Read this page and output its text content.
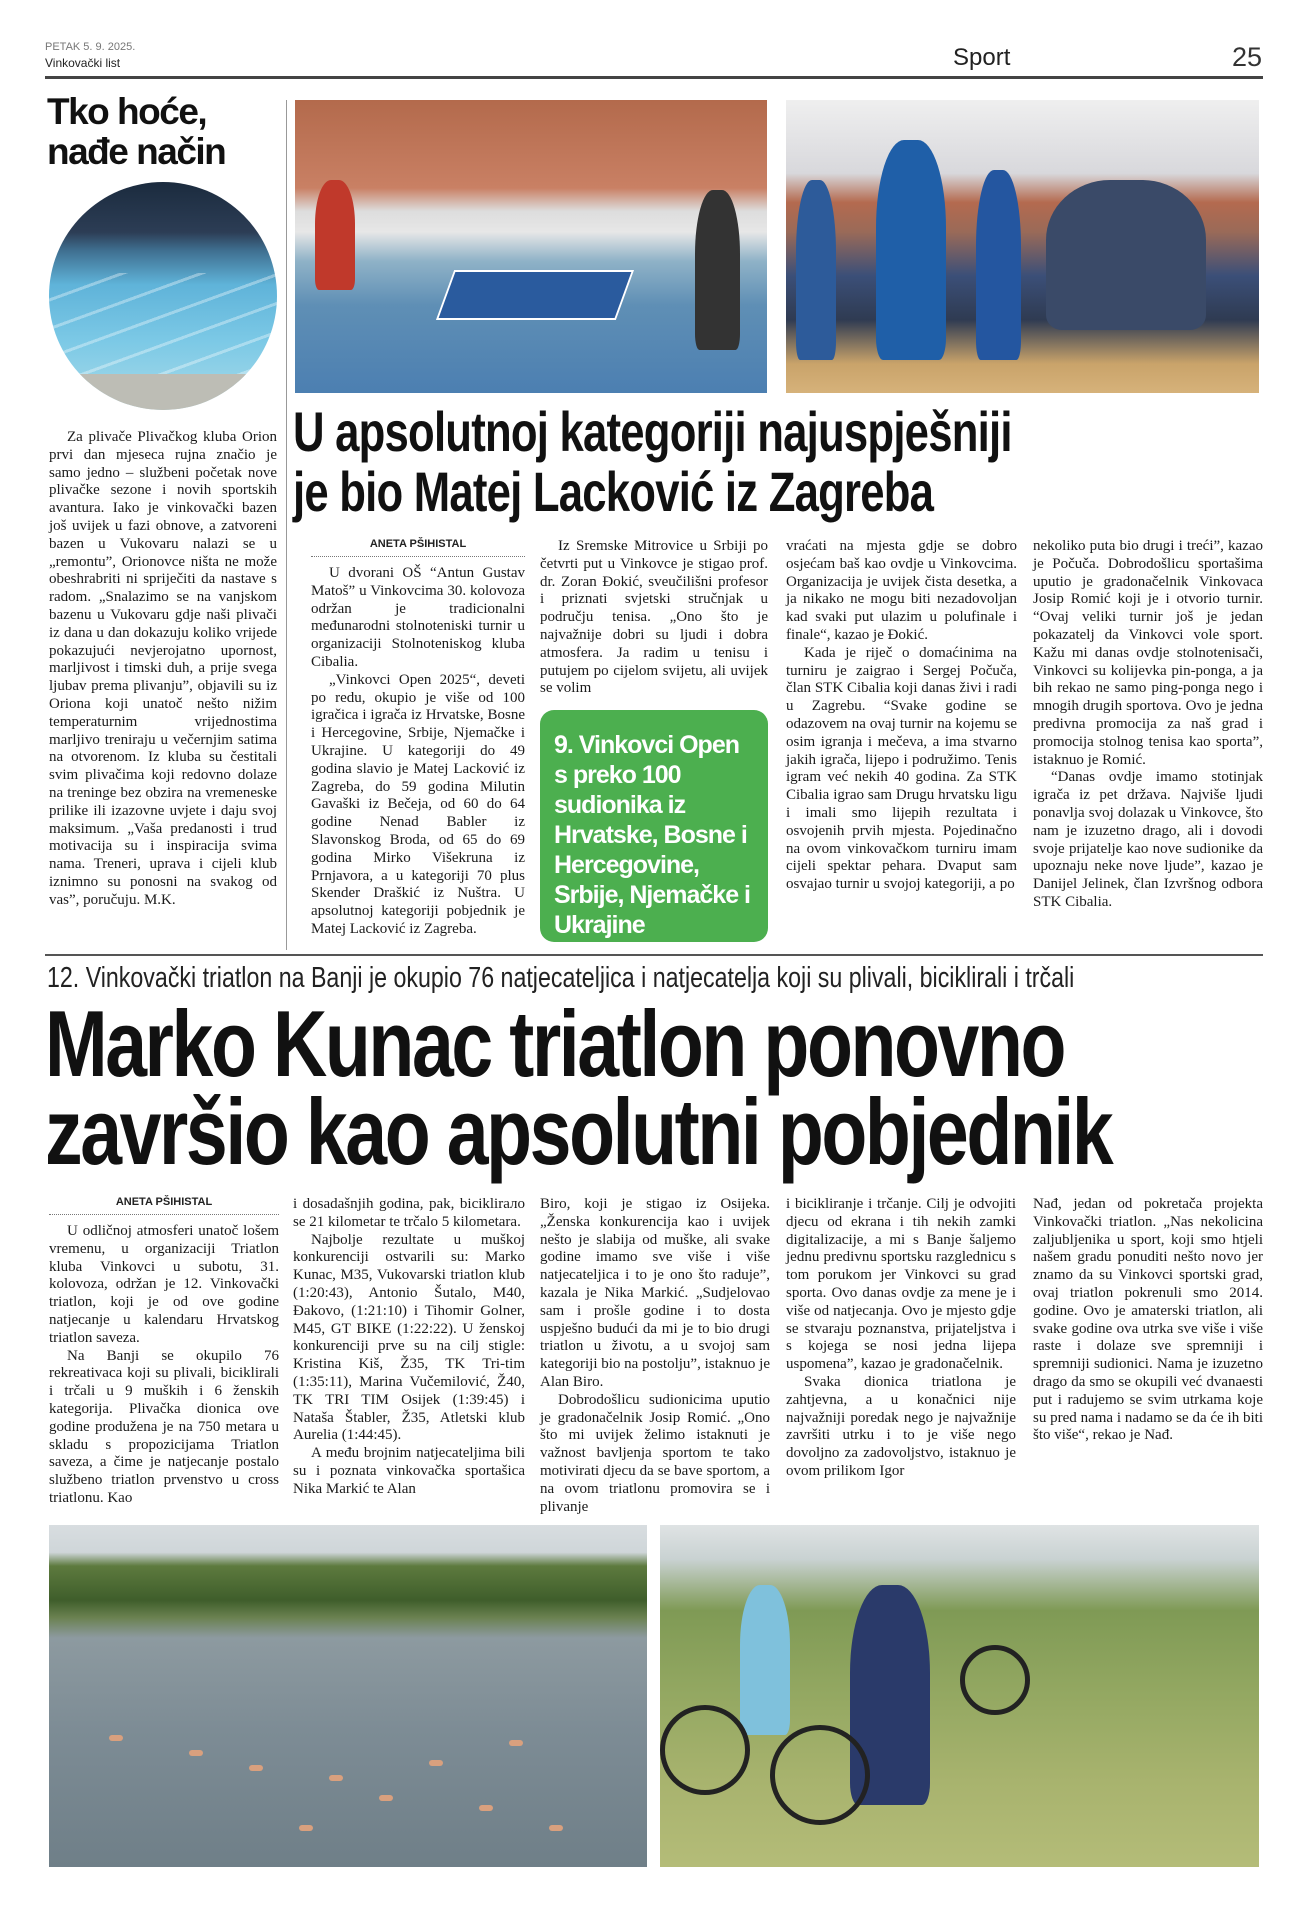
PETAK 5. 9. 2025.
Vinkovački list	Sport	25
Tko hoće, nađe način

Za plivače Plivačkog kluba Orion prvi dan mjeseca rujna značio je samo jedno – službeni početak nove plivačke sezone i novih sportskih avantura. Iako je vinkovački bazen još uvijek u fazi obnove, a zatvoreni bazen u Vukovaru nalazi se u „remontu”, Orionovce ništa ne može obeshrabriti ni spriječiti da nastave s radom. „Snalazimo se na vanjskom bazenu u Vukovaru gdje naši plivači iz dana u dan dokazuju koliko vrijede pokazujući nevjerojatno upornost, marljivost i timski duh, a prije svega ljubav prema plivanju”, objavili su iz Oriona koji unatoč nešto nižim temperaturnim vrijednostima marljivo treniraju u večernjim satima na otvorenom. Iz kluba su čestitali svim plivačima koji redovno dolaze na treninge bez obzira na vremeneske prilike ili izazovne uvjete i daju svoj maksimum. „Vaša predanosti i trud motivacija su i inspiracija svima nama. Treneri, uprava i cijeli klub iznimno su ponosni na svakog od vas”, poručuju. M.K.

U apsolutnoj kategoriji najuspješniji
je bio Matej Lacković iz Zagreba
ANETA PŠIHISTAL

U dvorani OŠ “Antun Gustav Matoš” u Vinkovcima 30. kolovoza održan je tradicionalni međunarodni stolnoteniski turnir u organizaciji Stolnoteniskog kluba Cibalia.

„Vinkovci Open 2025“, deveti po redu, okupio je više od 100 igračica i igrača iz Hrvatske, Bosne i Hercegovine, Srbije, Njemačke i Ukrajine. U kategoriji do 49 godina slavio je Matej Lacković iz Zagreba, do 59 godina Milutin Gavaški iz Bečeja, od 60 do 64 godine Nenad Babler iz Slavonskog Broda, od 65 do 69 godina Mirko Višekruna iz Prnjavora, a u kategoriji 70 plus Skender Draškić iz Nuštra. U apsolutnoj kategoriji pobjednik je Matej Lacković iz Zagreba.

Iz Sremske Mitrovice u Srbiji po četvrti put u Vinkovce je stigao prof. dr. Zoran Đokić, sveučilišni profesor i priznati svjetski stručnjak u području tenisa. „Ono što je najvažnije dobri su ljudi i dobra atmosfera. Ja radim u tenisu i putujem po cijelom svijetu, ali uvijek se volim

9. Vinkovci Open s preko 100 sudionika iz Hrvatske, Bosne i Hercegovine, Srbije, Njemačke i Ukrajine

vraćati na mjesta gdje se dobro osjećam baš kao ovdje u Vinkovcima. Organizacija je uvijek čista desetka, a ja nikako ne mogu biti nezadovoljan kad svaki put ulazim u polufinale i finale“, kazao je Đokić.

Kada je riječ o domaćinima na turniru je zaigrao i Sergej Počuča, član STK Cibalia koji danas živi i radi u Zagrebu. “Svake godine se odazovem na ovaj turnir na kojemu se osim igranja i mečeva, a ima stvarno jakih igrača, lijepo i podružimo. Tenis igram već nekih 40 godina. Za STK Cibalia igrao sam Drugu hrvatsku ligu i imali smo lijepih rezultata i osvojenih prvih mjesta. Pojedinačno na ovom vinkovačkom turniru imam cijeli spektar pehara. Dvaput sam osvajao turnir u svojoj kategoriji, a po

nekoliko puta bio drugi i treći”, kazao je Počuča. Dobrodošlicu sportašima uputio je gradonačelnik Vinkovaca Josip Romić koji je i otvorio turnir. “Ovaj veliki turnir još je jedan pokazatelj da Vinkovci vole sport. Kažu mi danas ovdje stolnotenisači, Vinkovci su kolijevka pin-ponga, a ja bih rekao ne samo ping-ponga nego i mnogih drugih sportova. Ovo je jedna predivna promocija za naš grad i promocija stolnog tenisa kao sporta”, istaknuo je Romić.

“Danas ovdje imamo stotinjak igrača iz pet država. Najviše ljudi ponavlja svoj dolazak u Vinkovce, što nam je izuzetno drago, ali i dovodi svoje prijatelje kao nove sudionike da upoznaju neke nove ljude”, kazao je Danijel Jelinek, član Izvršnog odbora STK Cibalia.

12. Vinkovački triatlon na Banji je okupio 76 natjecateljica i natjecatelja koji su plivali, biciklirali i trčali
Marko Kunac triatlon ponovno
završio kao apsolutni pobjednik
ANETA PŠIHISTAL

U odličnoj atmosferi unatoč lošem vremenu, u organizaciji Triatlon kluba Vinkovci u subotu, 31. kolovoza, održan je 12. Vinkovački triatlon, koji je od ove godine natjecanje u kalendaru Hrvatskog triatlon saveza.

Na Banji se okupilo 76 rekreativaca koji su plivali, biciklirali i trčali u 9 muških i 6 ženskih kategorija. Plivačka dionica ove godine produžena je na 750 metara u skladu s propozicijama Triatlon saveza, a čime je natjecanje postalo službeno triatlon prvenstvo u cross triatlonu. Kao

i dosadašnjih godina, pak, biciklirало se 21 kilometar te trčalo 5 kilometara.

Najbolje rezultate u muškoj konkurenciji ostvarili su: Marko Kunac, M35, Vukovarski triatlon klub (1:20:43), Antonio Šutalo, M40, Đakovo, (1:21:10) i Tihomir Golner, M45, GT BIKE (1:22:22). U ženskoj konkurenciji prve su na cilj stigle: Kristina Kiš, Ž35, TK Tri-tim (1:35:11), Marina Vučemilović, Ž40, TK TRI TIM Osijek (1:39:45) i Nataša Štabler, Ž35, Atletski klub Aurelia (1:44:45).

A među brojnim natjecateljima bili su i poznata vinkovačka sportašica Nika Markić te Alan

Biro, koji je stigao iz Osijeka. „Ženska konkurencija kao i uvijek nešto je slabija od muške, ali svake godine imamo sve više i više natjecateljica i to je ono što raduje”, kazala je Nika Markić. „Sudjelovao sam i prošle godine i to dosta uspješno budući da mi je to bio drugi triatlon u životu, a u svojoj sam kategoriji bio na postolju”, istaknuo je Alan Biro.

Dobrodošlicu sudionicima uputio je gradonačelnik Josip Romić. „Ono što mi uvijek želimo istaknuti je važnost bavljenja sportom te tako motivirati djecu da se bave sportom, a na ovom triatlonu promovira se i plivanje

i bicikliranje i trčanje. Cilj je odvojiti djecu od ekrana i tih nekih zamki digitalizacije, a mi s Banje šaljemo jednu predivnu sportsku razglednicu s tom porukom jer Vinkovci su grad sporta. Ovo danas ovdje za mene je i više od natjecanja. Ovo je mjesto gdje se stvaraju poznanstva, prijateljstva i s kojega se nosi jedna lijepa uspomena”, kazao je gradonačelnik.

Svaka dionica triatlona je zahtjevna, a u konačnici nije najvažniji poredak nego je najvažnije završiti utrku i to je više nego dovoljno za zadovoljstvo, istaknuo je ovom prilikom Igor

Nađ, jedan od pokretača projekta Vinkovački triatlon. „Nas nekolicina zaljubljenika u sport, koji smo htjeli našem gradu ponuditi nešto novo jer znamo da su Vinkovci sportski grad, ovaj triatlon pokrenuli smo 2014. godine. Ovo je amaterski triatlon, ali svake godine ova utrka sve više i više raste i dolaze sve spremniji i spremniji sudionici. Nama je izuzetno drago da smo se okupili već dvanaesti put i radujemo se svim utrkama koje su pred nama i nadamo se da će ih biti što više“, rekao je Nađ.
